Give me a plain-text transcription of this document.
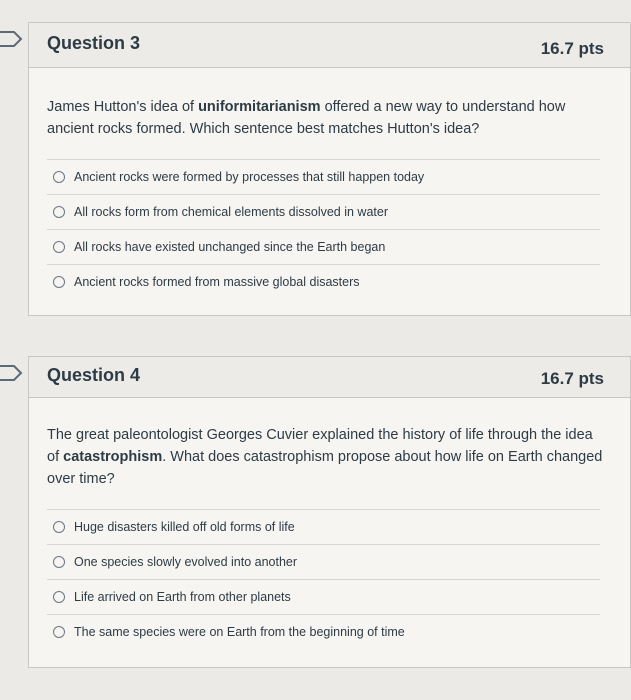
Question 3	16.7 pts
James Hutton's idea of uniformitarianism offered a new way to understand how ancient rocks formed. Which sentence best matches Hutton's idea?
Ancient rocks were formed by processes that still happen today
All rocks form from chemical elements dissolved in water
All rocks have existed unchanged since the Earth began
Ancient rocks formed from massive global disasters
Question 4	16.7 pts
The great paleontologist Georges Cuvier explained the history of life through the idea of catastrophism. What does catastrophism propose about how life on Earth changed over time?
Huge disasters killed off old forms of life
One species slowly evolved into another
Life arrived on Earth from other planets
The same species were on Earth from the beginning of time
